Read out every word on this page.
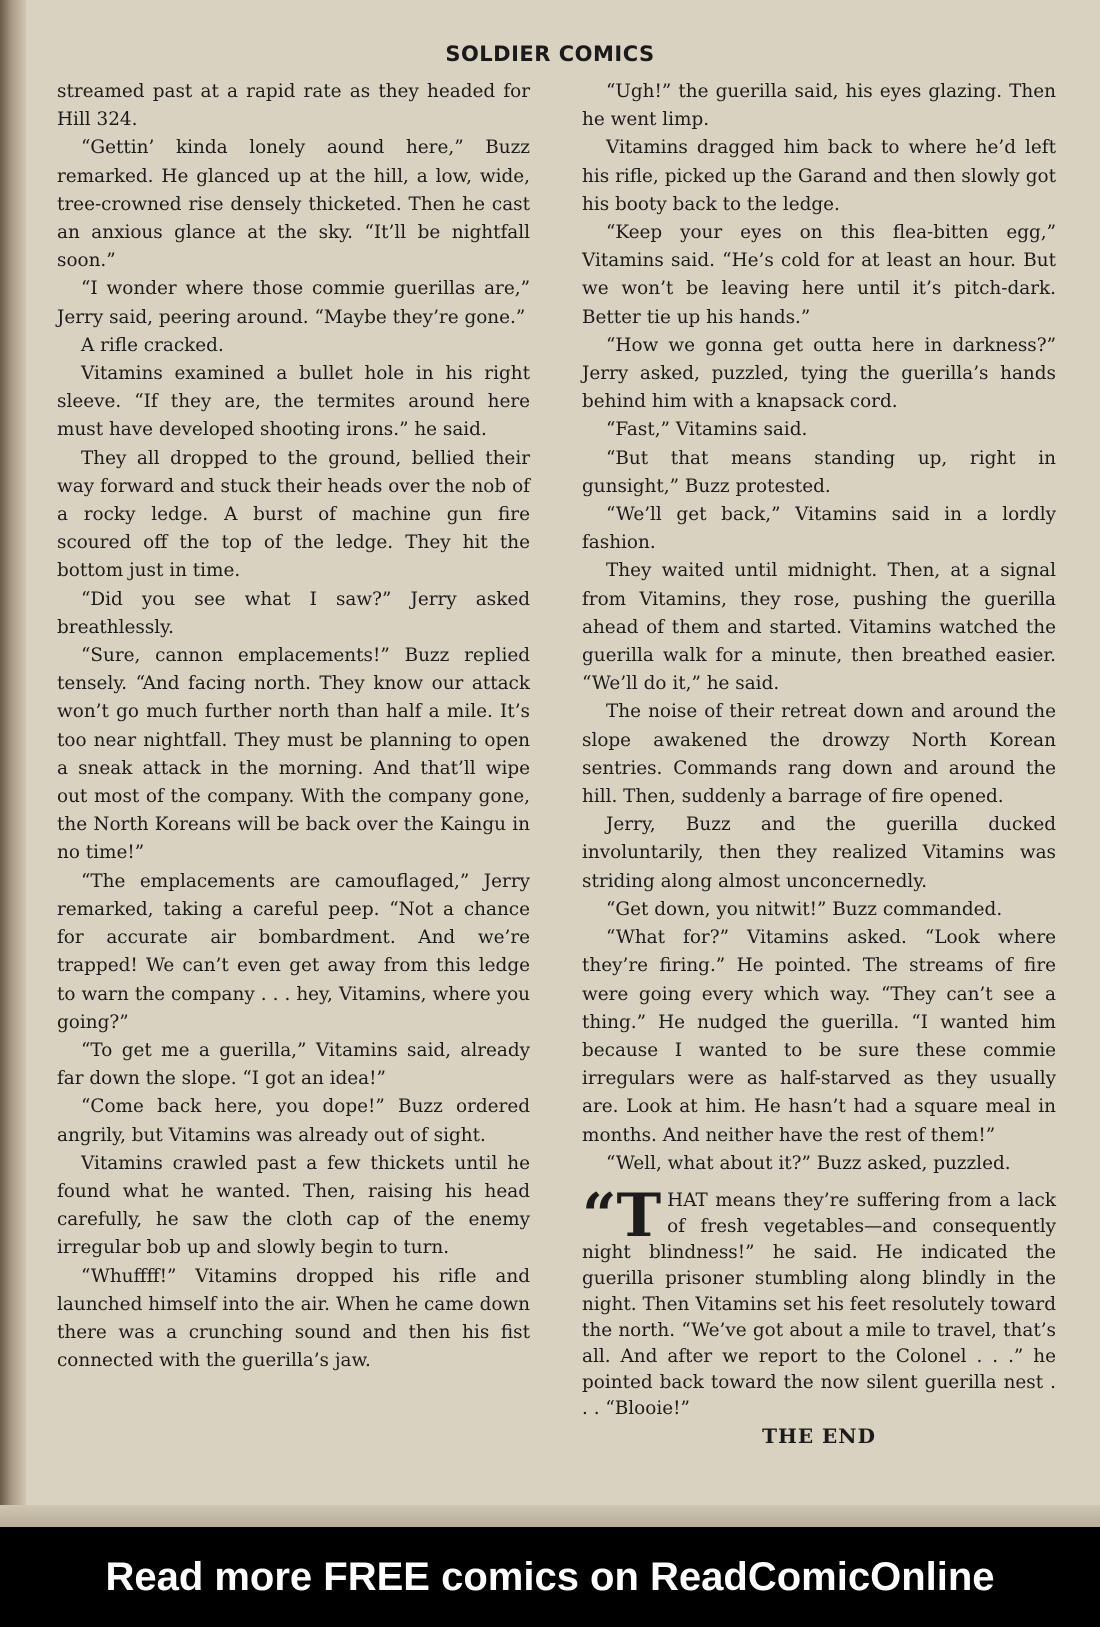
SOLDIER COMICS

streamed past at a rapid rate as they headed for Hill 324.

“Gettin’ kinda lonely aound here,” Buzz remarked. He glanced up at the hill, a low, wide, tree-crowned rise densely thicketed. Then he cast an anxious glance at the sky. “It’ll be nightfall soon.”

“I wonder where those commie guerillas are,” Jerry said, peering around. “Maybe they’re gone.”

A rifle cracked.

Vitamins examined a bullet hole in his right sleeve. “If they are, the termites around here must have developed shooting irons.” he said.

They all dropped to the ground, bellied their way forward and stuck their heads over the nob of a rocky ledge. A burst of machine gun fire scoured off the top of the ledge. They hit the bottom just in time.

“Did you see what I saw?” Jerry asked breathlessly.

“Sure, cannon emplacements!” Buzz replied tensely. “And facing north. They know our attack won’t go much further north than half a mile. It’s too near nightfall. They must be planning to open a sneak attack in the morning. And that’ll wipe out most of the company. With the company gone, the North Koreans will be back over the Kaingu in no time!”

“The emplacements are camouflaged,” Jerry remarked, taking a careful peep. “Not a chance for accurate air bombardment. And we’re trapped! We can’t even get away from this ledge to warn the company . . . hey, Vitamins, where you going?”

“To get me a guerilla,” Vitamins said, already far down the slope. “I got an idea!”

“Come back here, you dope!” Buzz ordered angrily, but Vitamins was already out of sight.

Vitamins crawled past a few thickets until he found what he wanted. Then, raising his head carefully, he saw the cloth cap of the enemy irregular bob up and slowly begin to turn.

“Whuffff!” Vitamins dropped his rifle and launched himself into the air. When he came down there was a crunching sound and then his fist connected with the guerilla’s jaw.

“Ugh!” the guerilla said, his eyes glazing. Then he went limp.

Vitamins dragged him back to where he’d left his rifle, picked up the Garand and then slowly got his booty back to the ledge.

“Keep your eyes on this flea-bitten egg,” Vitamins said. “He’s cold for at least an hour. But we won’t be leaving here until it’s pitch-dark. Better tie up his hands.”

“How we gonna get outta here in darkness?” Jerry asked, puzzled, tying the guerilla’s hands behind him with a knapsack cord.

“Fast,” Vitamins said.

“But that means standing up, right in gunsight,” Buzz protested.

“We’ll get back,” Vitamins said in a lordly fashion.

They waited until midnight. Then, at a signal from Vitamins, they rose, pushing the guerilla ahead of them and started. Vitamins watched the guerilla walk for a minute, then breathed easier. “We’ll do it,” he said.

The noise of their retreat down and around the slope awakened the drowzy North Korean sentries. Commands rang down and around the hill. Then, suddenly a barrage of fire opened.

Jerry, Buzz and the guerilla ducked involuntarily, then they realized Vitamins was striding along almost unconcernedly.

“Get down, you nitwit!” Buzz commanded.

“What for?” Vitamins asked. “Look where they’re firing.” He pointed. The streams of fire were going every which way. “They can’t see a thing.” He nudged the guerilla. “I wanted him because I wanted to be sure these commie irregulars were as half-starved as they usually are. Look at him. He hasn’t had a square meal in months. And neither have the rest of them!”

“Well, what about it?” Buzz asked, puzzled.

“THAT means they’re suffering from a lack of fresh vegetables—and consequently night blindness!” he said. He indicated the guerilla prisoner stumbling along blindly in the night. Then Vitamins set his feet resolutely toward the north. “We’ve got about a mile to travel, that’s all. And after we report to the Colonel . . .” he pointed back toward the now silent guerilla nest . . . “Blooie!”

THE END

Read more FREE comics on ReadComicOnline
